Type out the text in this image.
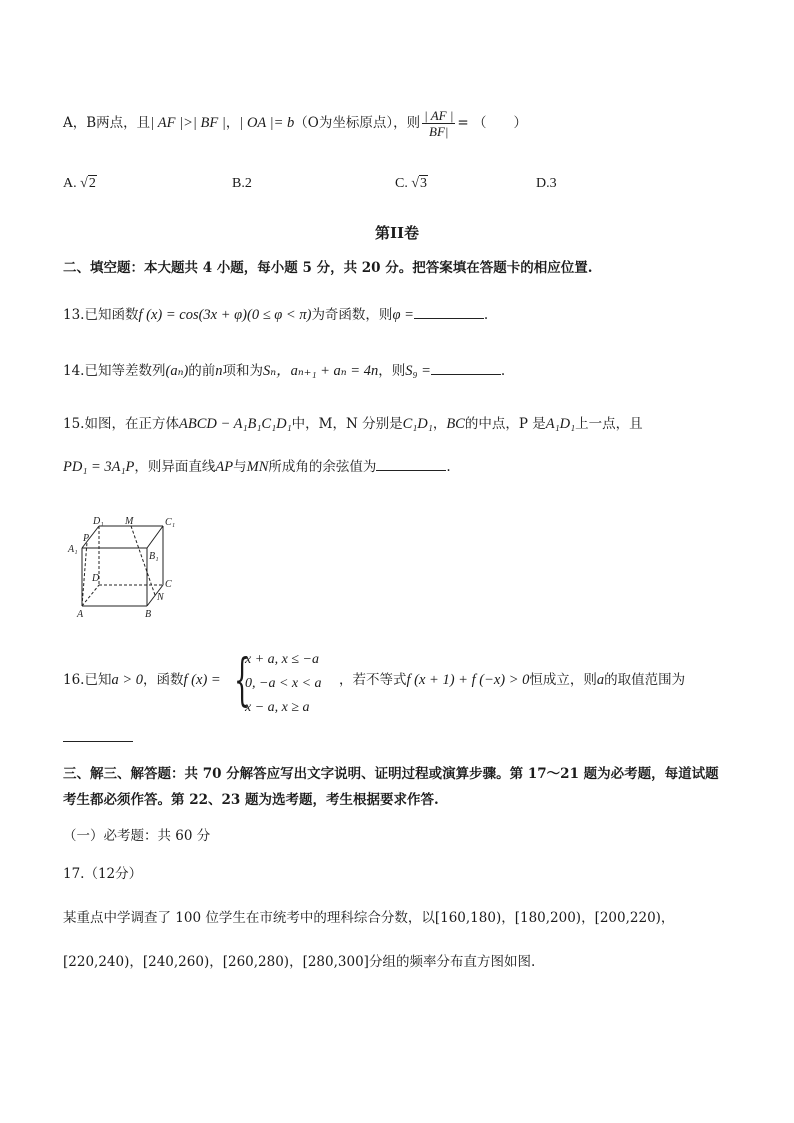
A，B两点，且| AF |>| BF |，| OA |= b（O为坐标原点），则 $\frac{| AF |}{BF|}$ = （　　）
A. √2	B.2	C. √3	D.3
第II卷
二、填空题：本大题共 4 小题，每小题 5 分，共 20 分。把答案填在答题卡的相应位置.
13.已知函数f (x) = cos(3x + φ)(0 ≤ φ < π)为奇函数，则φ =	.
14.已知等差数列(aₙ)的前n项和为Sₙ，aₙ₊₁ + aₙ = 4n，则S₉ =	.
15.如图，在正方体ABCD − A₁B₁C₁D₁中，M，N 分别是C₁D₁，BC的中点，P 是A₁D₁上一点，且
PD₁ = 3A₁P，则异面直线AP与MN所成角的余弦值为	.
D₁ M	C₁
P
A₁
B₁
D
C
N
A	B
16.已知a > 0，函数f (x) = {
x + a, x ≤ −a
0, −a < x < a
x − a, x ≥ a
，若不等式f (x + 1) + f (−x) > 0恒成立，则a的取值范围为
三、解三、解答题：共 70 分解答应写出文字说明、证明过程或演算步骤。第 17～21 题为必考题，每道试题
考生都必须作答。第 22、23 题为选考题，考生根据要求作答.
（一）必考题：共 60 分
17.（12分）
某重点中学调查了 100 位学生在市统考中的理科综合分数，以[160,180)，[180,200)，[200,220)，
[220,240)，[240,260)，[260,280)，[280,300]分组的频率分布直方图如图.
